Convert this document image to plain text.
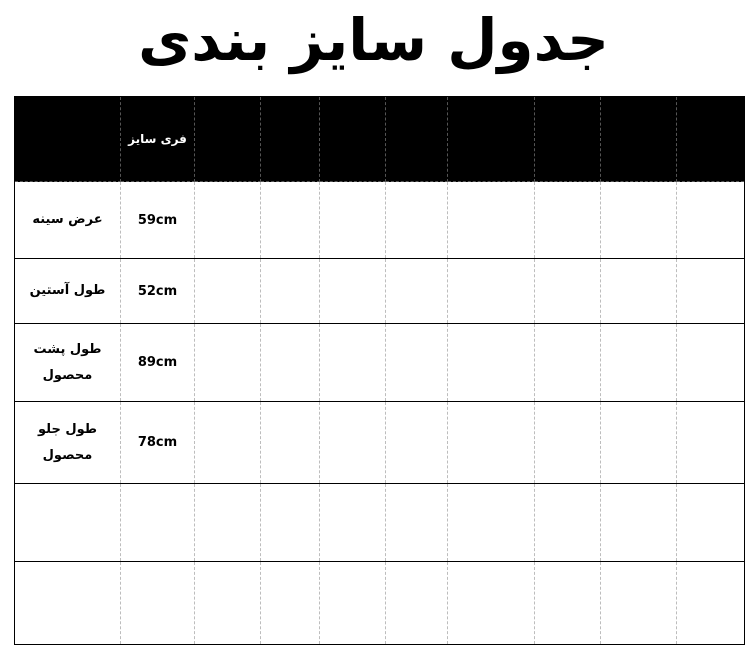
جدول سایز بندی
	فری سایز								
عرض سینه	59cm								
طول آستین	52cm								
طول پشت محصول	89cm								
طول جلو محصول	78cm								
